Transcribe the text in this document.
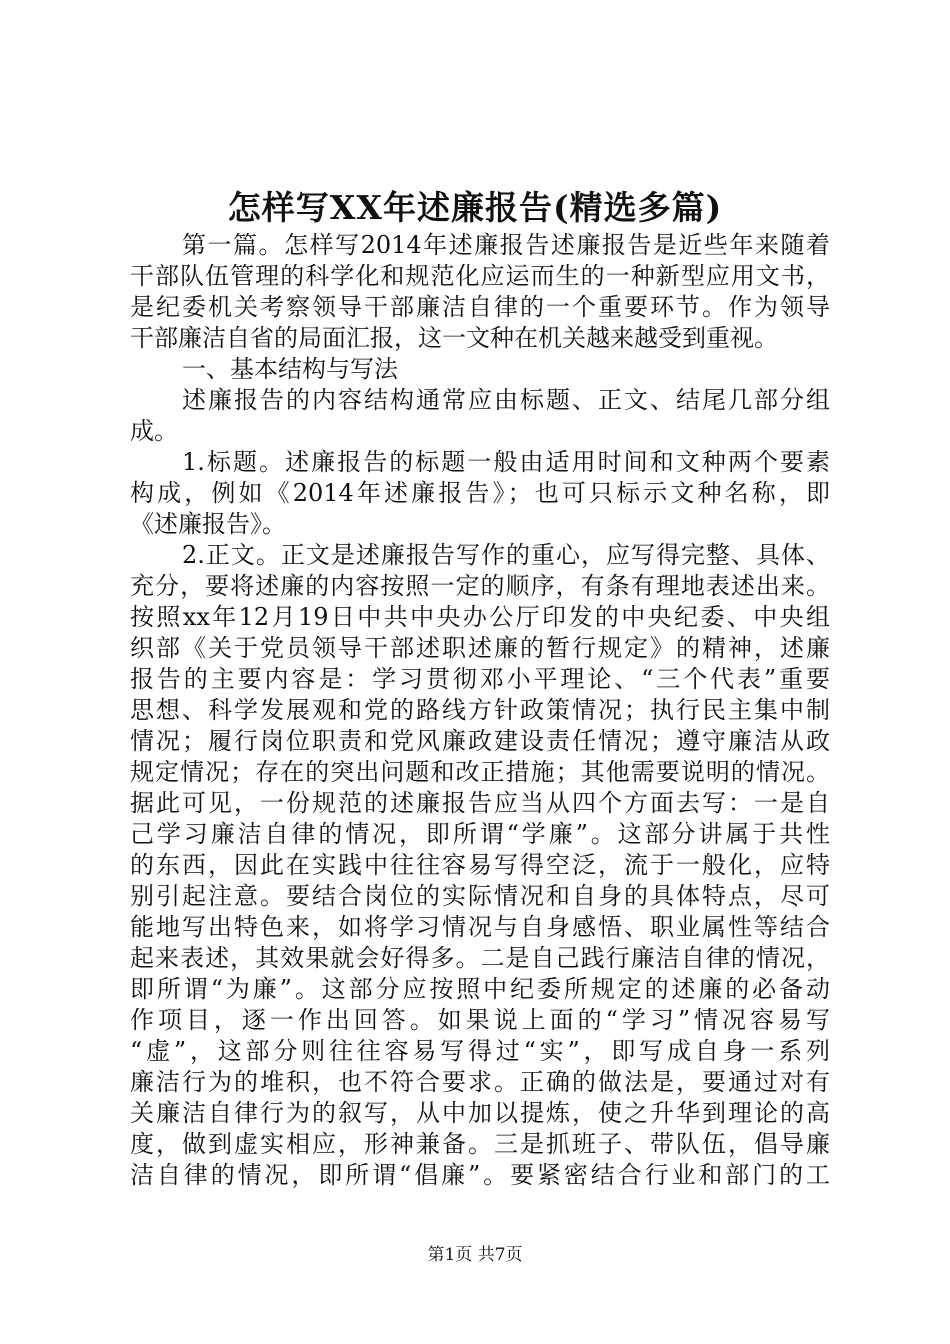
怎样写XX年述廉报告(精选多篇)
第一篇。怎样写2014年述廉报告述廉报告是近些年来随着
干部队伍管理的科学化和规范化应运而生的一种新型应用文书，
是纪委机关考察领导干部廉洁自律的一个重要环节。作为领导
干部廉洁自省的局面汇报，这一文种在机关越来越受到重视。
一、基本结构与写法
述廉报告的内容结构通常应由标题、正文、结尾几部分组
成。
1.标题。述廉报告的标题一般由适用时间和文种两个要素
构成，例如《2014年述廉报告》；也可只标示文种名称，即
《述廉报告》。
2.正文。正文是述廉报告写作的重心，应写得完整、具体、
充分，要将述廉的内容按照一定的顺序，有条有理地表述出来。
按照xx年12月19日中共中央办公厅印发的中央纪委、中央组
织部《关于党员领导干部述职述廉的暂行规定》的精神，述廉
报告的主要内容是：学习贯彻邓小平理论、“三个代表”重要
思想、科学发展观和党的路线方针政策情况；执行民主集中制
情况；履行岗位职责和党风廉政建设责任情况；遵守廉洁从政
规定情况；存在的突出问题和改正措施；其他需要说明的情况。
据此可见，一份规范的述廉报告应当从四个方面去写：一是自
己学习廉洁自律的情况，即所谓“学廉”。这部分讲属于共性
的东西，因此在实践中往往容易写得空泛，流于一般化，应特
别引起注意。要结合岗位的实际情况和自身的具体特点，尽可
能地写出特色来，如将学习情况与自身感悟、职业属性等结合
起来表述，其效果就会好得多。二是自己践行廉洁自律的情况，
即所谓“为廉”。这部分应按照中纪委所规定的述廉的必备动
作项目，逐一作出回答。如果说上面的“学习”情况容易写
“虚”，这部分则往往容易写得过“实”，即写成自身一系列
廉洁行为的堆积，也不符合要求。正确的做法是，要通过对有
关廉洁自律行为的叙写，从中加以提炼，使之升华到理论的高
度，做到虚实相应，形神兼备。三是抓班子、带队伍，倡导廉
洁自律的情况，即所谓“倡廉”。要紧密结合行业和部门的工
第1页 共7页
